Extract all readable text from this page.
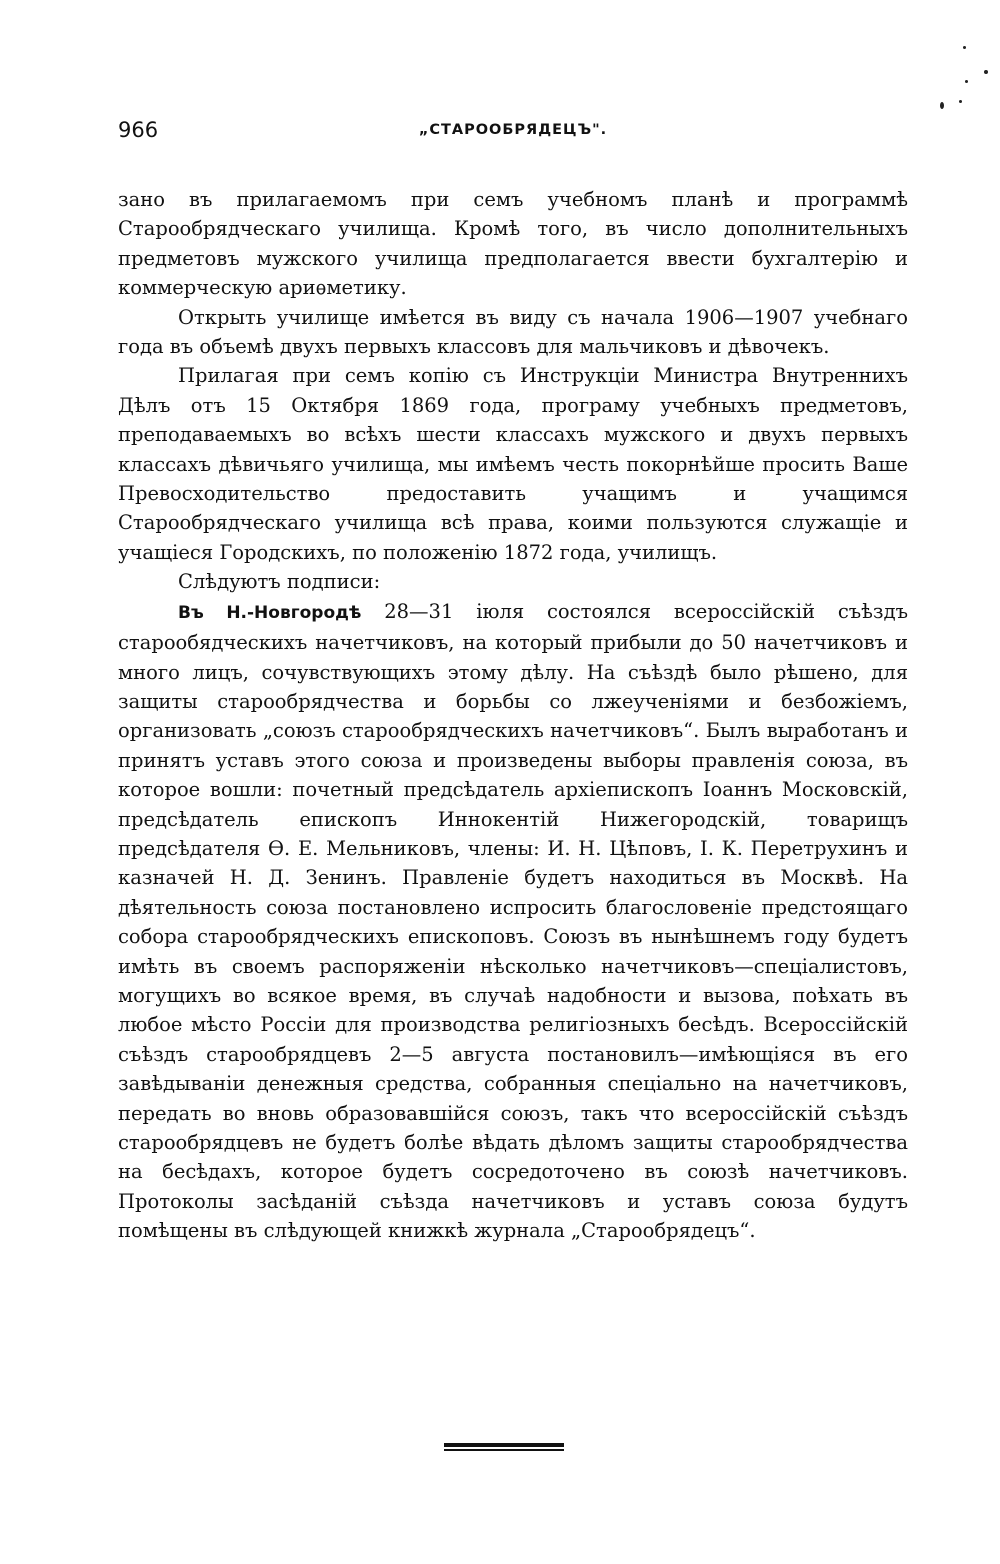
966	„СТАРООБРЯДЕЦЪ".

зано въ прилагаемомъ при семъ учебномъ планѣ и программѣ Старообрядческаго училища. Кромѣ того, въ число дополнительныхъ предметовъ мужского училища предполагается ввести бухгалтерію и коммерческую ариѳметику.

Открыть училище имѣется въ виду съ начала 1906—1907 учебнаго года въ объемѣ двухъ первыхъ классовъ для мальчиковъ и дѣвочекъ.

Прилагая при семъ копію съ Инструкціи Министра Внутреннихъ Дѣлъ отъ 15 Октября 1869 года, програму учебныхъ предметовъ, преподаваемыхъ во всѣхъ шести классахъ мужского и двухъ первыхъ классахъ дѣвичьяго училища, мы имѣемъ честь покорнѣйше просить Ваше Превосходительство предоставить учащимъ и учащимся Старообрядческаго училища всѣ права, коими пользуются служащіе и учащіеся Городскихъ, по положенію 1872 года, училищъ.

Слѣдуютъ подписи:

Въ Н.-Новгородѣ 28—31 іюля состоялся всероссійскій съѣздъ старообядческихъ начетчиковъ, на который прибыли до 50 начетчиковъ и много лицъ, сочувствующихъ этому дѣлу. На съѣздѣ было рѣшено, для защиты старообрядчества и борьбы со лжеученіями и безбожіемъ, организовать „союзъ старообрядческихъ начетчиковъ“. Былъ выработанъ и принятъ уставъ этого союза и произведены выборы правленія союза, въ которое вошли: почетный предсѣдатель архіепископъ Іоаннъ Московскій, предсѣдатель епископъ Иннокентій Нижегородскій, товарищъ предсѣдателя Ѳ. Е. Мельниковъ, члены: И. Н. Цѣповъ, І. К. Перетрухинъ и казначей Н. Д. Зенинъ. Правленіе будетъ находиться въ Москвѣ. На дѣятельность союза постановлено испросить благословеніе предстоящаго собора старообрядческихъ епископовъ. Союзъ въ нынѣшнемъ году будетъ имѣть въ своемъ распоряженіи нѣсколько начетчиковъ—спеціалистовъ, могущихъ во всякое время, въ случаѣ надобности и вызова, поѣхать въ любое мѣсто Россіи для производства религіозныхъ бесѣдъ. Всероссійскій съѣздъ старообрядцевъ 2—5 августа постановилъ—имѣющіяся въ его завѣдываніи денежныя средства, собранныя спеціально на начетчиковъ, передать во вновь образовавшійся союзъ, такъ что всероссійскій съѣздъ старообрядцевъ не будетъ болѣе вѣдать дѣломъ защиты старообрядчества на бесѣдахъ, которое будетъ сосредоточено въ союзѣ начетчиковъ. Протоколы засѣданій съѣзда начетчиковъ и уставъ союза будутъ помѣщены въ слѣдующей книжкѣ журнала „Старообрядецъ“.
